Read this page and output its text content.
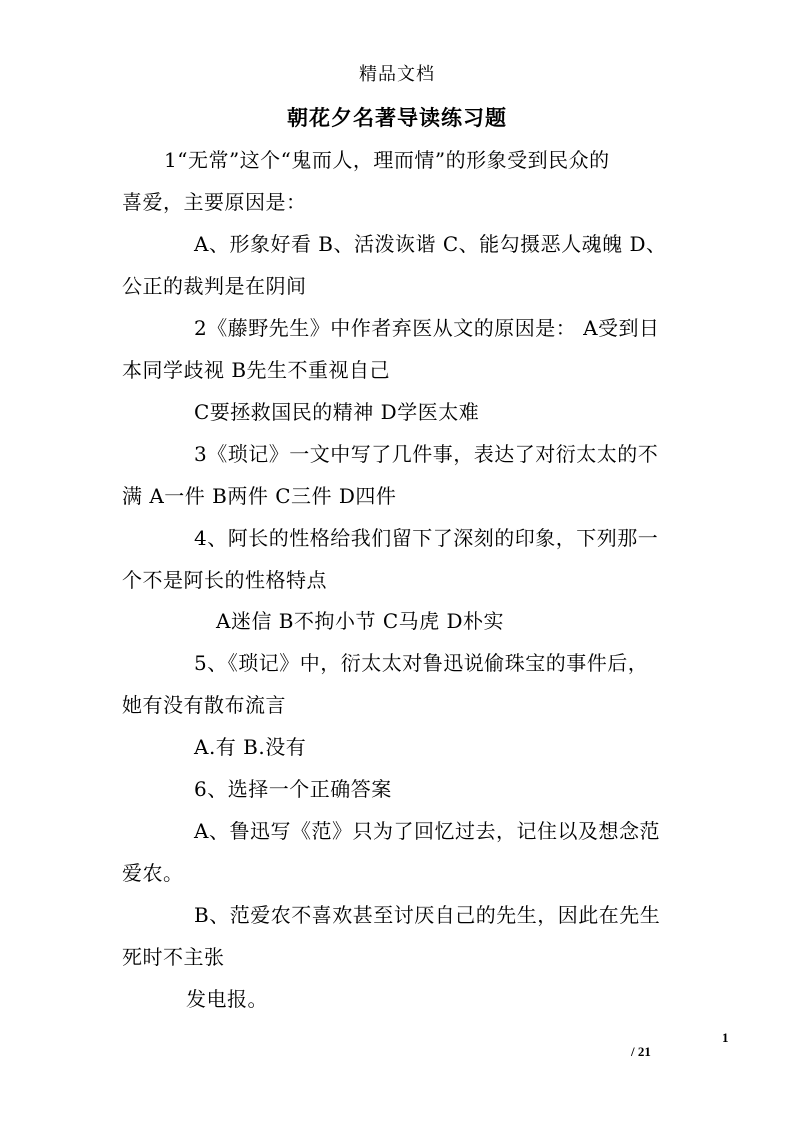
精品文档
朝花夕名著导读练习题
1“无常”这个“鬼而人，理而情”的形象受到民众的
喜爱，主要原因是：
A、形象好看 B、活泼诙谐 C、能勾摄恶人魂魄 D、
公正的裁判是在阴间
2《藤野先生》中作者弃医从文的原因是： A受到日
本同学歧视 B先生不重视自己
C要拯救国民的精神 D学医太难
3《琐记》一文中写了几件事，表达了对衍太太的不
满 A一件 B两件 C三件 D四件
4、阿长的性格给我们留下了深刻的印象，下列那一
个不是阿长的性格特点
A迷信 B不拘小节 C马虎 D朴实
5、《琐记》中，衍太太对鲁迅说偷珠宝的事件后，
她有没有散布流言
A.有 B.没有
6、选择一个正确答案
A、鲁迅写《范》只为了回忆过去，记住以及想念范
爱农。
B、范爱农不喜欢甚至讨厌自己的先生，因此在先生
死时不主张
发电报。
1
/ 21
